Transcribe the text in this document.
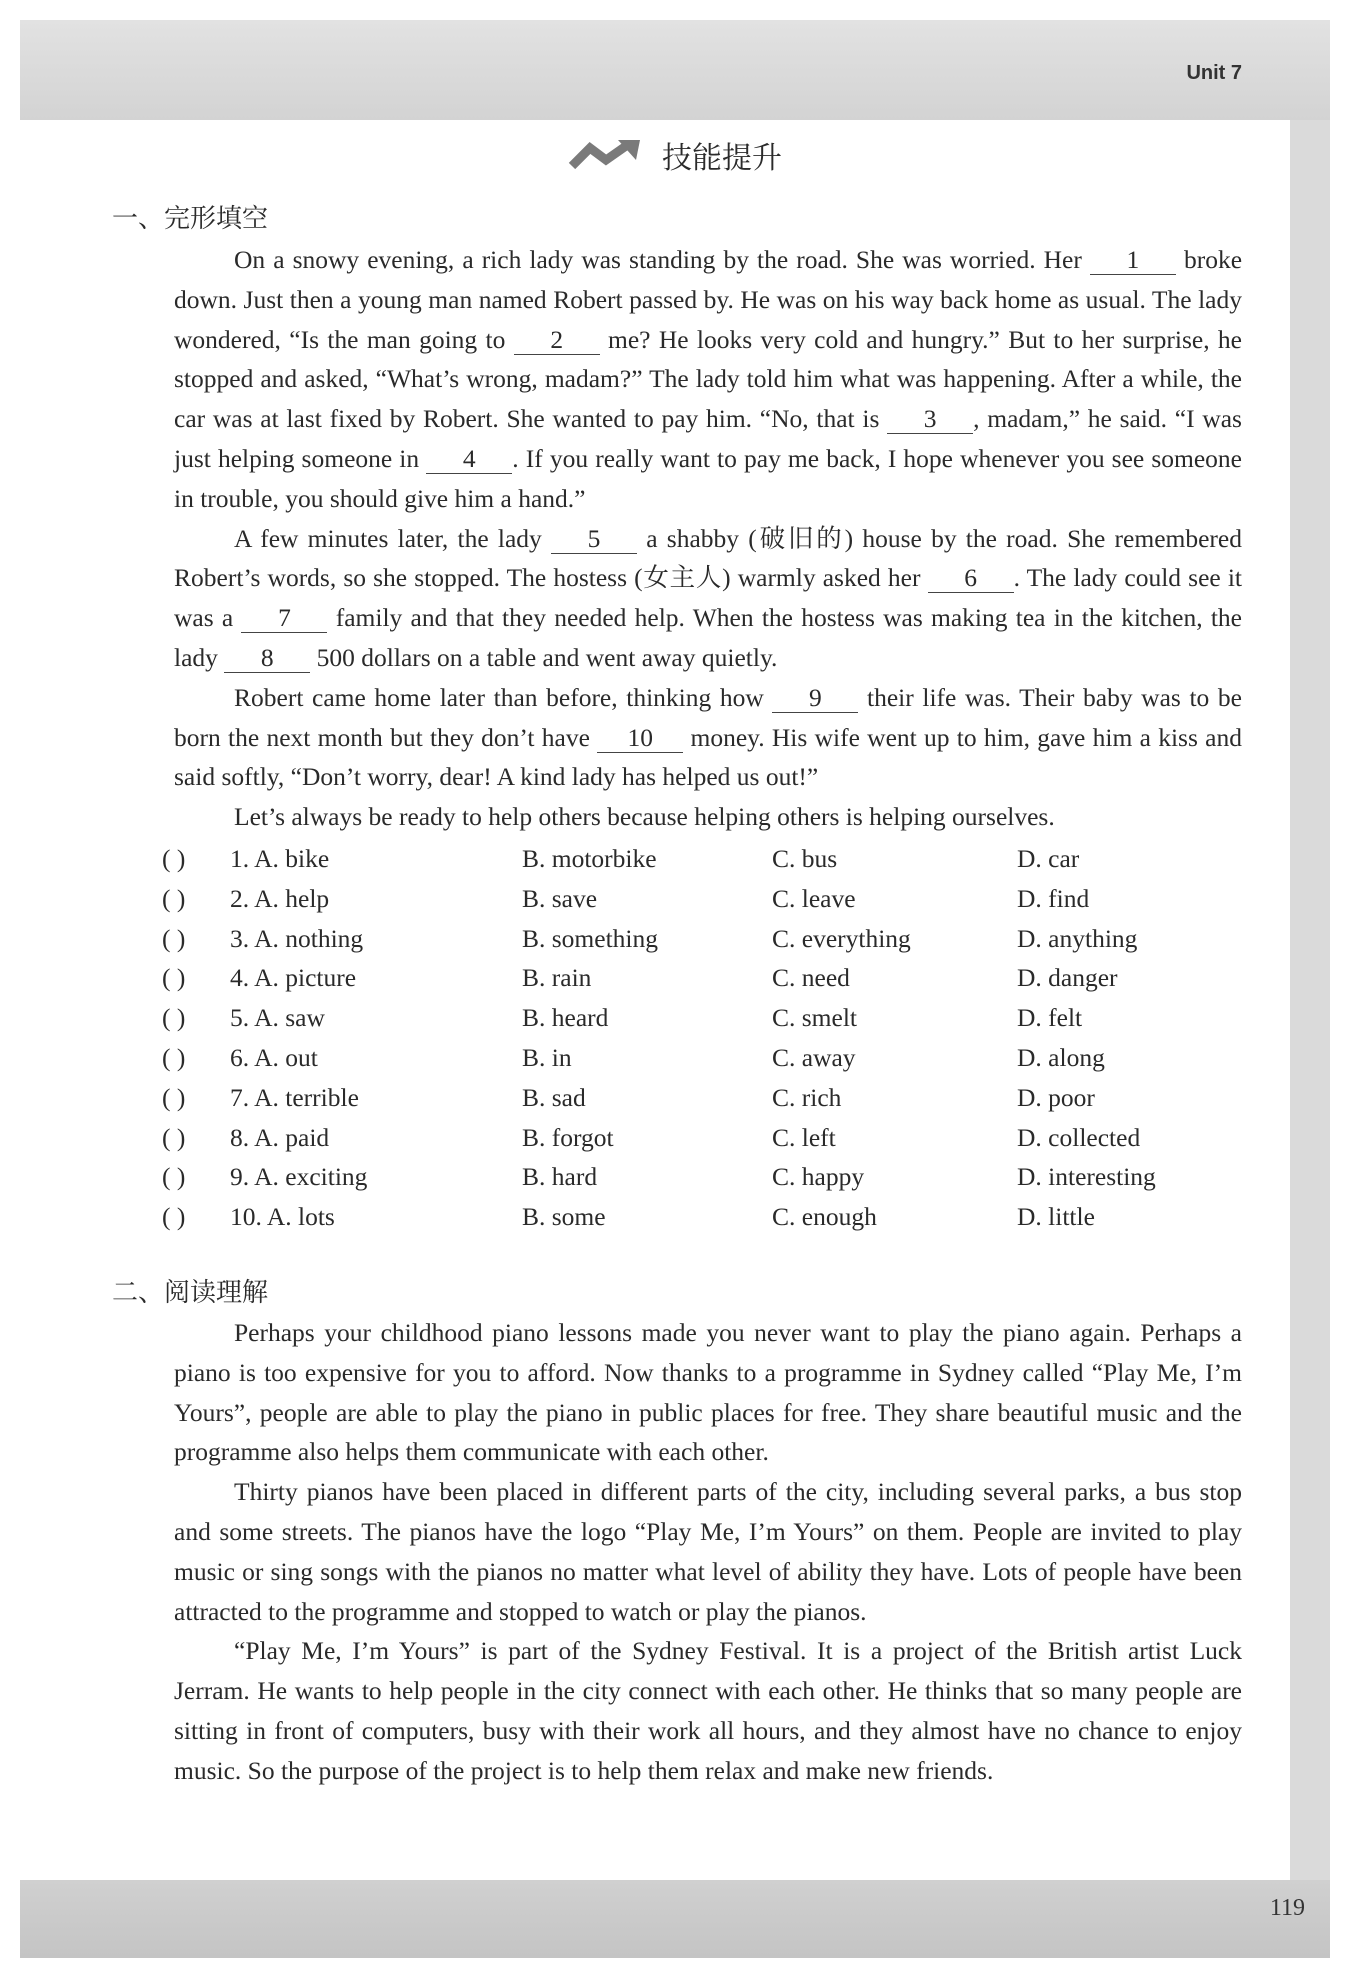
Unit 7
技能提升
一、完形填空

On a snowy evening, a rich lady was standing by the road. She was worried. Her 1 broke down. Just then a young man named Robert passed by. He was on his way back home as usual. The lady wondered, “Is the man going to 2 me? He looks very cold and hungry.” But to her surprise, he stopped and asked, “What’s wrong, madam?” The lady told him what was happening. After a while, the car was at last fixed by Robert. She wanted to pay him. “No, that is 3 , madam,” he said. “I was just helping someone in 4 . If you really want to pay me back, I hope whenever you see someone in trouble, you should give him a hand.”

A few minutes later, the lady 5 a shabby (破旧的) house by the road. She remembered Robert’s words, so she stopped. The hostess (女主人) warmly asked her 6 . The lady could see it was a 7 family and that they needed help. When the hostess was making tea in the kitchen, the lady 8 500 dollars on a table and went away quietly.

Robert came home later than before, thinking how 9 their life was. Their baby was to be born the next month but they don’t have 10 money. His wife went up to him, gave him a kiss and said softly, “Don’t worry, dear! A kind lady has helped us out!”

Let’s always be ready to help others because helping others is helping ourselves.

( ) 1. A. bike	B. motorbike	C. bus	D. car
( ) 2. A. help	B. save	C. leave	D. find
( ) 3. A. nothing	B. something	C. everything	D. anything
( ) 4. A. picture	B. rain	C. need	D. danger
( ) 5. A. saw	B. heard	C. smelt	D. felt
( ) 6. A. out	B. in	C. away	D. along
( ) 7. A. terrible	B. sad	C. rich	D. poor
( ) 8. A. paid	B. forgot	C. left	D. collected
( ) 9. A. exciting	B. hard	C. happy	D. interesting
( ) 10. A. lots	B. some	C. enough	D. little
二、阅读理解

Perhaps your childhood piano lessons made you never want to play the piano again. Perhaps a piano is too expensive for you to afford. Now thanks to a programme in Sydney called “Play Me, I’m Yours”, people are able to play the piano in public places for free. They share beautiful music and the programme also helps them communicate with each other.

Thirty pianos have been placed in different parts of the city, including several parks, a bus stop and some streets. The pianos have the logo “Play Me, I’m Yours” on them. People are invited to play music or sing songs with the pianos no matter what level of ability they have. Lots of people have been attracted to the programme and stopped to watch or play the pianos.

“Play Me, I’m Yours” is part of the Sydney Festival. It is a project of the British artist Luck Jerram. He wants to help people in the city connect with each other. He thinks that so many people are sitting in front of computers, busy with their work all hours, and they almost have no chance to enjoy music. So the purpose of the project is to help them relax and make new friends.

119
